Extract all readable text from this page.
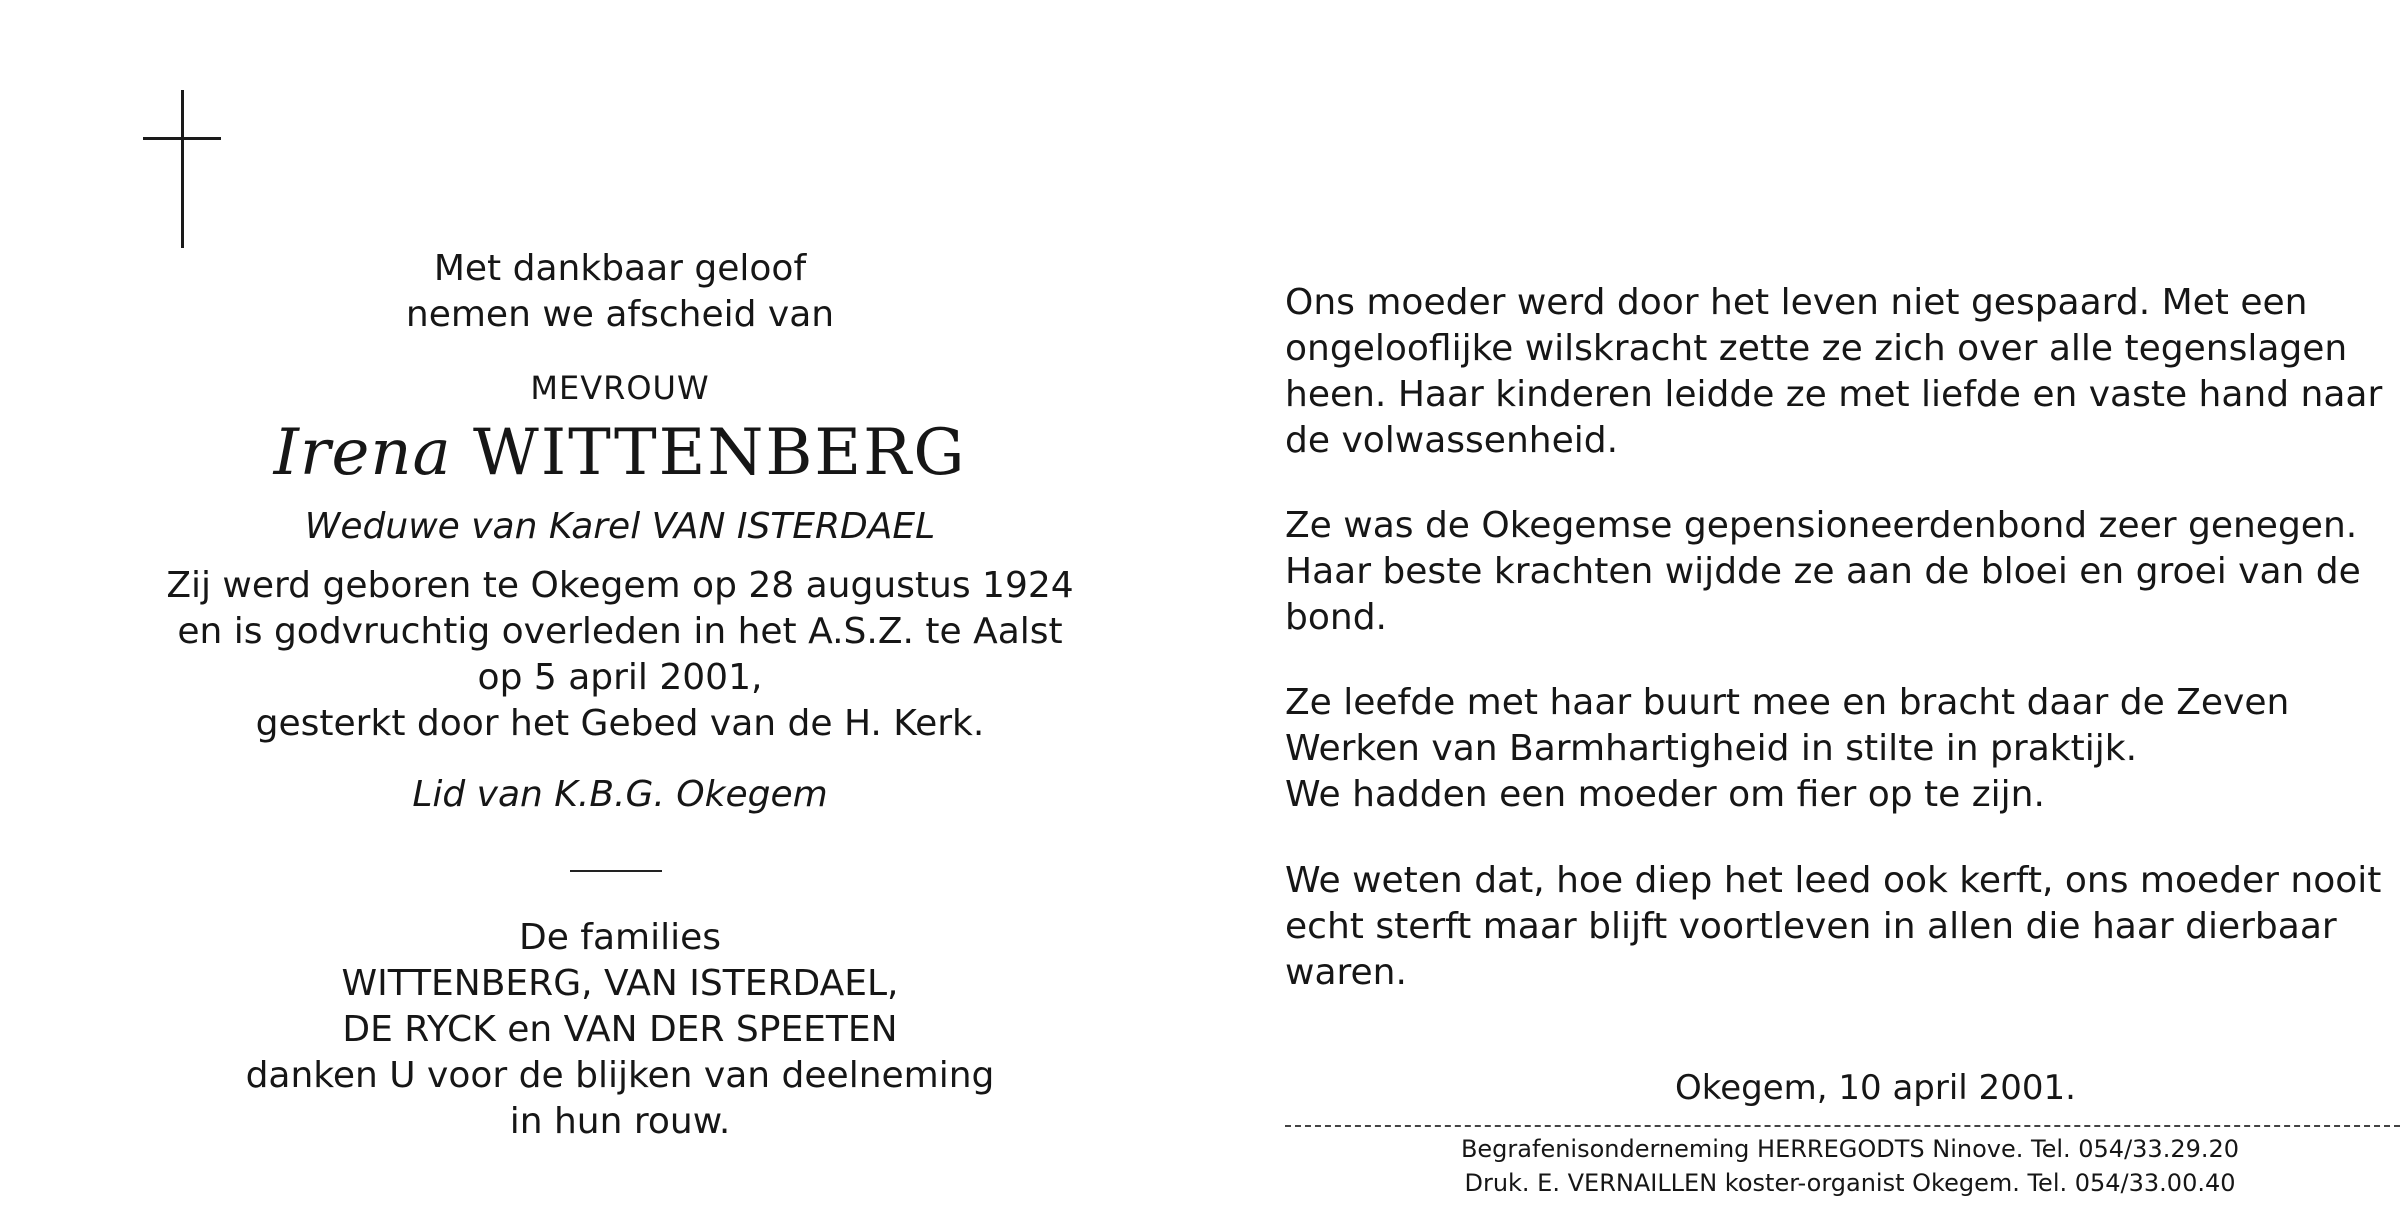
Met dankbaar geloof
nemen we afscheid van
MEVROUW
Irena WITTENBERG
Weduwe van Karel VAN ISTERDAEL
Zij werd geboren te Okegem op 28 augustus 1924
en is godvruchtig overleden in het A.S.Z. te Aalst
op 5 april 2001,
gesterkt door het Gebed van de H. Kerk.
Lid van K.B.G. Okegem
De families
WITTENBERG, VAN ISTERDAEL,
DE RYCK en VAN DER SPEETEN
danken U voor de blijken van deelneming
in hun rouw.
Ons moeder werd door het leven niet gespaard. Met een
ongelooflijke wilskracht zette ze zich over alle tegenslagen
heen. Haar kinderen leidde ze met liefde en vaste hand naar
de volwassenheid.
Ze was de Okegemse gepensioneerdenbond zeer genegen.
Haar beste krachten wijdde ze aan de bloei en groei van de
bond.
Ze leefde met haar buurt mee en bracht daar de Zeven
Werken van Barmhartigheid in stilte in praktijk.
We hadden een moeder om fier op te zijn.
We weten dat, hoe diep het leed ook kerft, ons moeder nooit
echt sterft maar blijft voortleven in allen die haar dierbaar
waren.
Okegem, 10 april 2001.
Begrafenisonderneming HERREGODTS Ninove. Tel. 054/33.29.20
Druk. E. VERNAILLEN koster-organist Okegem. Tel. 054/33.00.40
